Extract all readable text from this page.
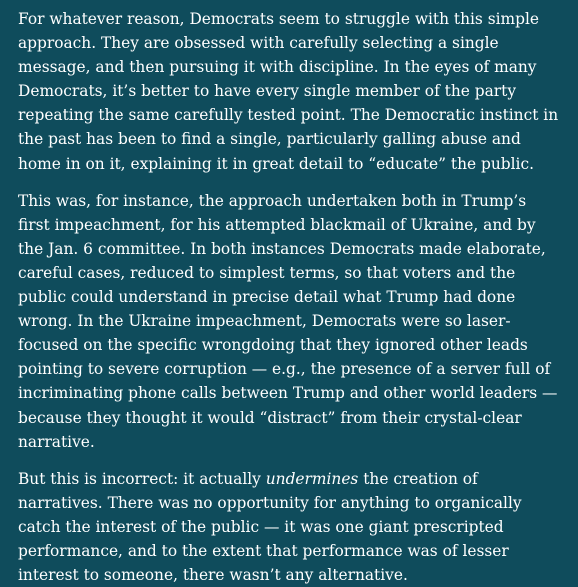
For whatever reason, Democrats seem to struggle with this simple approach. They are obsessed with carefully selecting a single message, and then pursuing it with discipline. In the eyes of many Democrats, it’s better to have every single member of the party repeating the same carefully tested point. The Democratic instinct in the past has been to find a single, particularly galling abuse and home in on it, explaining it in great detail to “educate” the public.

This was, for instance, the approach undertaken both in Trump’s first impeachment, for his attempted blackmail of Ukraine, and by the Jan. 6 committee. In both instances Democrats made elaborate, careful cases, reduced to simplest terms, so that voters and the public could understand in precise detail what Trump had done wrong. In the Ukraine impeachment, Democrats were so laser-focused on the specific wrongdoing that they ignored other leads pointing to severe corruption — e.g., the presence of a server full of incriminating phone calls between Trump and other world leaders — because they thought it would “distract” from their crystal-clear narrative.

But this is incorrect: it actually undermines the creation of narratives. There was no opportunity for anything to organically catch the interest of the public — it was one giant prescripted performance, and to the extent that performance was of lesser interest to someone, there wasn’t any alternative.
